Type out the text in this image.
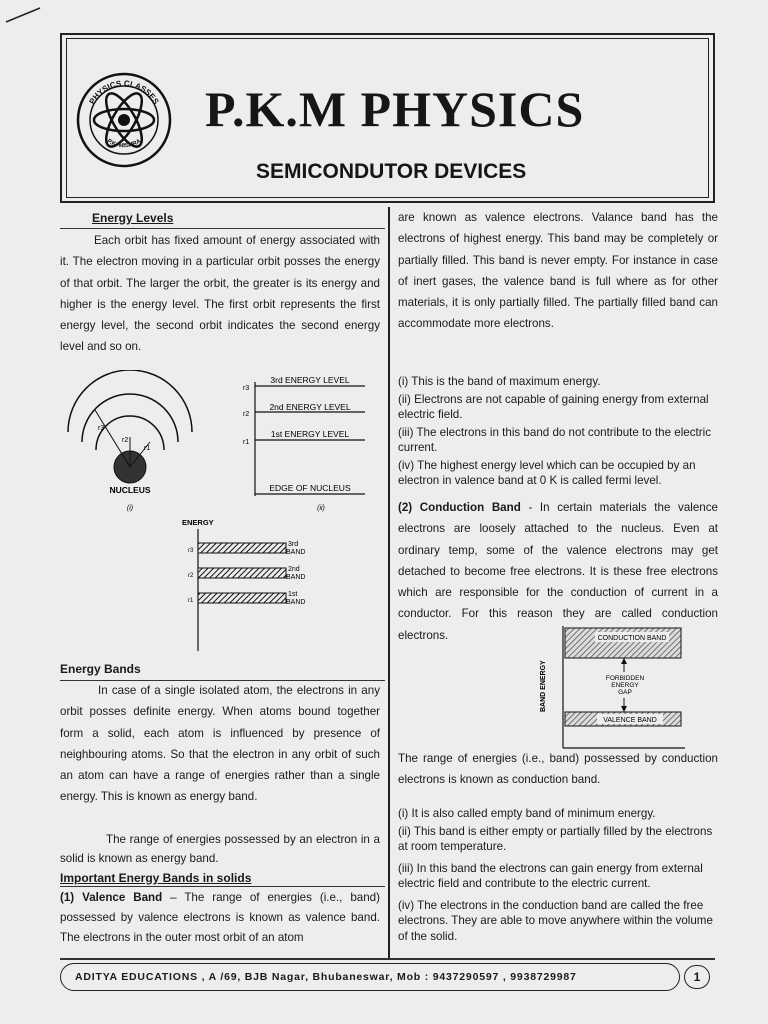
PHYSICS CLASSES
P.K. MISHRA
P.K.M PHYSICS
SEMICONDUTOR DEVICES
Energy Levels
Each orbit has fixed amount of energy associated with it. The electron moving in a particular orbit posses the energy of that orbit. The larger the orbit, the greater is its energy and higher is the energy level. The first orbit represents the first energy level, the second orbit indicates the second energy level and so on.
r3
r2
r1
NUCLEUS
(i)
3rd ENERGY LEVEL
2nd ENERGY LEVEL
1st ENERGY LEVEL
EDGE OF NUCLEUS
r3
r2
r1
(ii)
ENERGY
r3
r2
r1
3rd
BAND
2nd
BAND
1st
BAND
Energy Bands
In case of a single isolated atom, the electrons in any orbit posses definite energy. When atoms bound together form a solid, each atom is influenced by presence of neighbouring atoms. So that the electron in any orbit of such an atom can have a range of energies rather than a single energy. This is known as energy band.
The range of energies possessed by an electron in a solid is known as energy band.
Important Energy Bands in solids
(1) Valence Band – The range of energies (i.e., band) possessed by valence electrons is known as valence band. The electrons in the outer most orbit of an atom
are known as valence electrons. Valance band has the electrons of highest energy. This band may be completely or partially filled. This band is never empty. For instance in case of inert gases, the valence band is full where as for other materials, it is only partially filled. The partially filled band can accommodate more electrons.

(i) This is the band of maximum energy.

(ii) Electrons are not capable of gaining energy from external electric field.

(iii) The electrons in this band do not contribute to the electric current.

(iv) The highest energy level which can be occupied by an electron in valence band at 0 K is called fermi level.

(2) Conduction Band - In certain materials the valence electrons are loosely attached to the nucleus. Even at ordinary temp, some of the valence electrons may get detached to become free electrons. It is these free electrons which are responsible for the conduction of current in a conductor. For this reason they are called conduction electrons.
BAND ENERGY
CONDUCTION BAND
FORBIDDEN
ENERGY
GAP
VALENCE BAND
The range of energies (i.e., band) possessed by conduction electrons is known as conduction band.

(i) It is also called empty band of minimum energy.

(ii) This band is either empty or partially filled by the electrons at room temperature.

(iii) In this band the electrons can gain energy from external electric field and contribute to the electric current.

(iv) The electrons in the conduction band are called the free electrons. They are able to move anywhere within the volume of the solid.

ADITYA EDUCATIONS , A /69, BJB Nagar, Bhubaneswar, Mob : 9437290597 , 9938729987	1
